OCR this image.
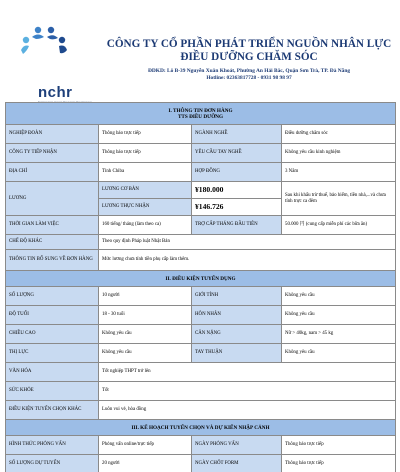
nchr
CÔNG TY CỔ PHẦN PHÁT TRIỂN NGUỒN NHÂN LỰC
ĐIỀU DƯỠNG CHĂM SÓC
ĐDKD: Lô B-39 Nguyễn Xuân Khoát, Phường An Hải Bắc, Quận Sơn Trà, TP. Đà Nẵng
Hotline: 02363817728 - 0931 98 98 97
I. THÔNG TIN ĐƠN HÀNG
TTS ĐIỀU DƯỠNG			

NGHIỆP ĐOÀN	Thông báo trực tiếp	NGÀNH NGHỀ	Điều dưỡng chăm sóc
CÔNG TY TIẾP NHẬN	Thông báo trực tiếp	YÊU CẦU TAY NGHỀ	Không yêu cầu kinh nghiệm
ĐỊA CHỈ	Tỉnh Chiba	HỢP ĐỒNG	3 Năm
LƯƠNG	LƯƠNG CƠ BẢN	¥180.000	Sau khi khấu trừ thuế, bảo hiểm, tiền nhà,...và chưa tính trực ca đêm
	LƯƠNG THỰC NHẬN	¥146.726	
THỜI GIAN LÀM VIỆC	160 tiếng/ tháng (làm theo ca)	TRỢ CẤP THÁNG ĐẦU TIÊN	50.000 円 (cung cấp miễn phí các bữa ăn)
CHẾ ĐỘ KHÁC	Theo quy định Pháp luật Nhật Bản		
THÔNG TIN BỔ SUNG VỀ ĐƠN HÀNG	Mức lương chưa tính tiền phụ cấp làm thêm.		
II. ĐIỀU KIỆN TUYỂN DỤNG			
SỐ LƯỢNG	10 người	GIỚI TÍNH	Không yêu cầu
ĐỘ TUỔI	18 - 30 tuổi	HÔN NHÂN	Không yêu cầu
CHIỀU CAO	Không yêu cầu	CÂN NẶNG	Nữ > 40kg, nam > 45 kg
THỊ LỰC	Không yêu cầu	TAY THUẬN	Không yêu cầu
VĂN HÓA	Tốt nghiệp THPT trở lên		
SỨC KHỎE	Tốt		
ĐIỀU KIỆN TUYỂN CHỌN KHÁC	Luôn vui vẻ, hòa đồng		
III. KẾ HOẠCH TUYỂN CHỌN VÀ DỰ KIẾN NHẬP CẢNH			
HÌNH THỨC PHỎNG VẤN	Phỏng vấn online/trực tiếp	NGÀY PHỎNG VẤN	Thông báo trực tiếp
SỐ LƯỢNG DỰ TUYỂN	20 người	NGÀY CHỐT FORM	Thông báo trực tiếp
